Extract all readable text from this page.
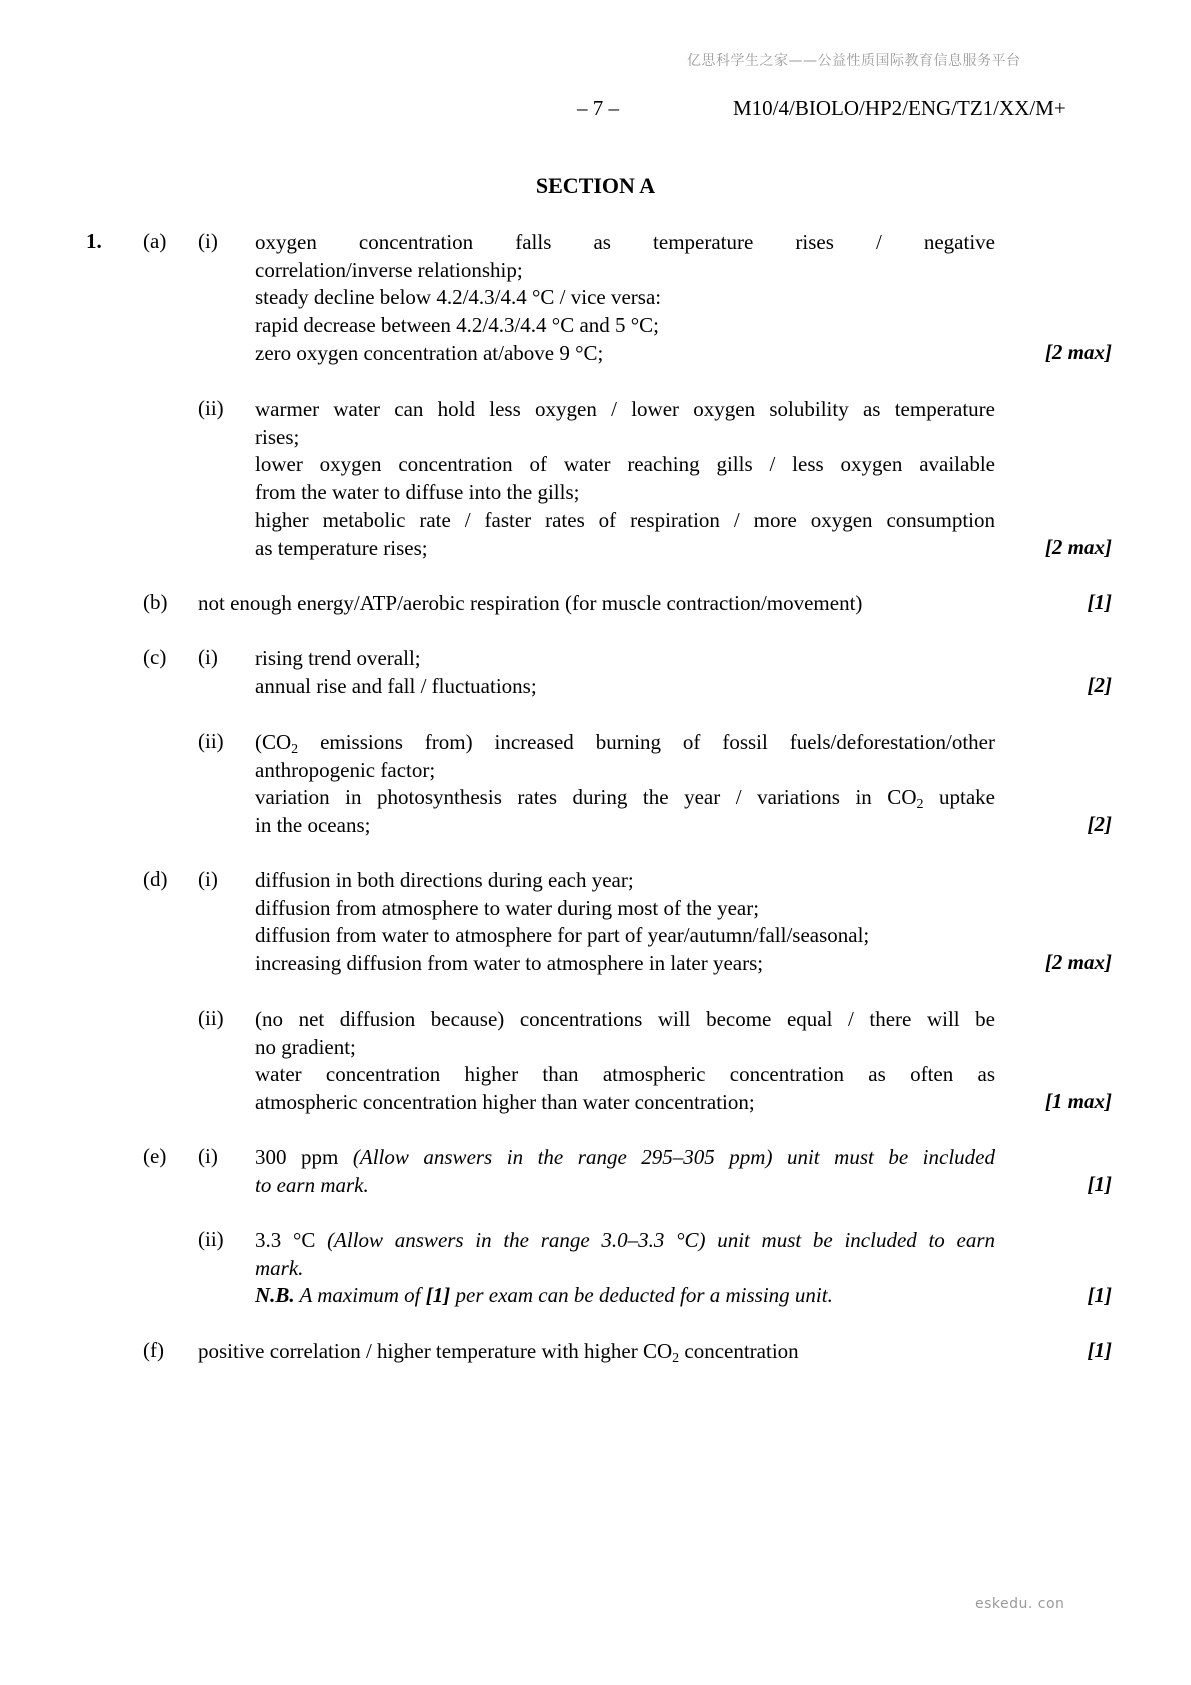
亿思科学生之家——公益性质国际教育信息服务平台
eskedu. con
– 7 –	M10/4/BIOLO/HP2/ENG/TZ1/XX/M+
SECTION A
1. (a) (i) oxygen concentration falls as temperature rises / negative
correlation/inverse relationship;
steady decline below 4.2/4.3/4.4 °C / vice versa:
rapid decrease between 4.2/4.3/4.4 °C and 5 °C;
zero oxygen concentration at/above 9 °C;	[2 max]
(ii) warmer water can hold less oxygen / lower oxygen solubility as temperature
rises;
lower oxygen concentration of water reaching gills / less oxygen available
from the water to diffuse into the gills;
higher metabolic rate / faster rates of respiration / more oxygen consumption
as temperature rises;	[2 max]
(b) not enough energy/ATP/aerobic respiration (for muscle contraction/movement)	[1]
(c) (i) rising trend overall;
annual rise and fall / fluctuations;	[2]
(ii) ($CO_2$ emissions from) increased burning of fossil fuels/deforestation/other
anthropogenic factor;
variation in photosynthesis rates during the year / variations in $CO_2$ uptake
in the oceans;	[2]
(d) (i) diffusion in both directions during each year;
diffusion from atmosphere to water during most of the year;
diffusion from water to atmosphere for part of year/autumn/fall/seasonal;
increasing diffusion from water to atmosphere in later years;	[2 max]
(ii) (no net diffusion because) concentrations will become equal / there will be
no gradient;
water concentration higher than atmospheric concentration as often as
atmospheric concentration higher than water concentration;	[1 max]
(e) (i) 300 ppm (Allow answers in the range 295–305 ppm) unit must be included
to earn mark.	[1]
(ii) 3.3 °C (Allow answers in the range 3.0–3.3 °C) unit must be included to earn
mark.
N.B. A maximum of [1] per exam can be deducted for a missing unit.	[1]
(f) positive correlation / higher temperature with higher $CO_2$ concentration	[1]
